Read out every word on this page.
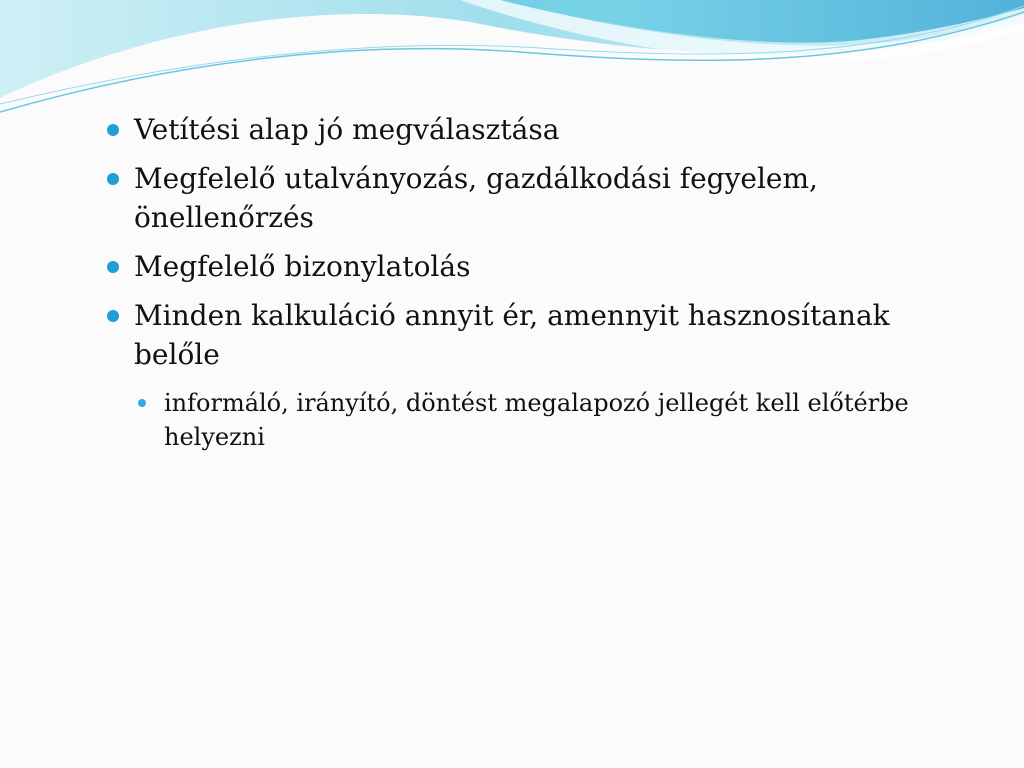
Vetítési alap jó megválasztása
Megfelelő utalványozás, gazdálkodási fegyelem, önellenőrzés
Megfelelő bizonylatolás
Minden kalkuláció annyit ér, amennyit hasznosítanak belőle
informáló, irányító, döntést megalapozó jellegét kell előtérbe helyezni
